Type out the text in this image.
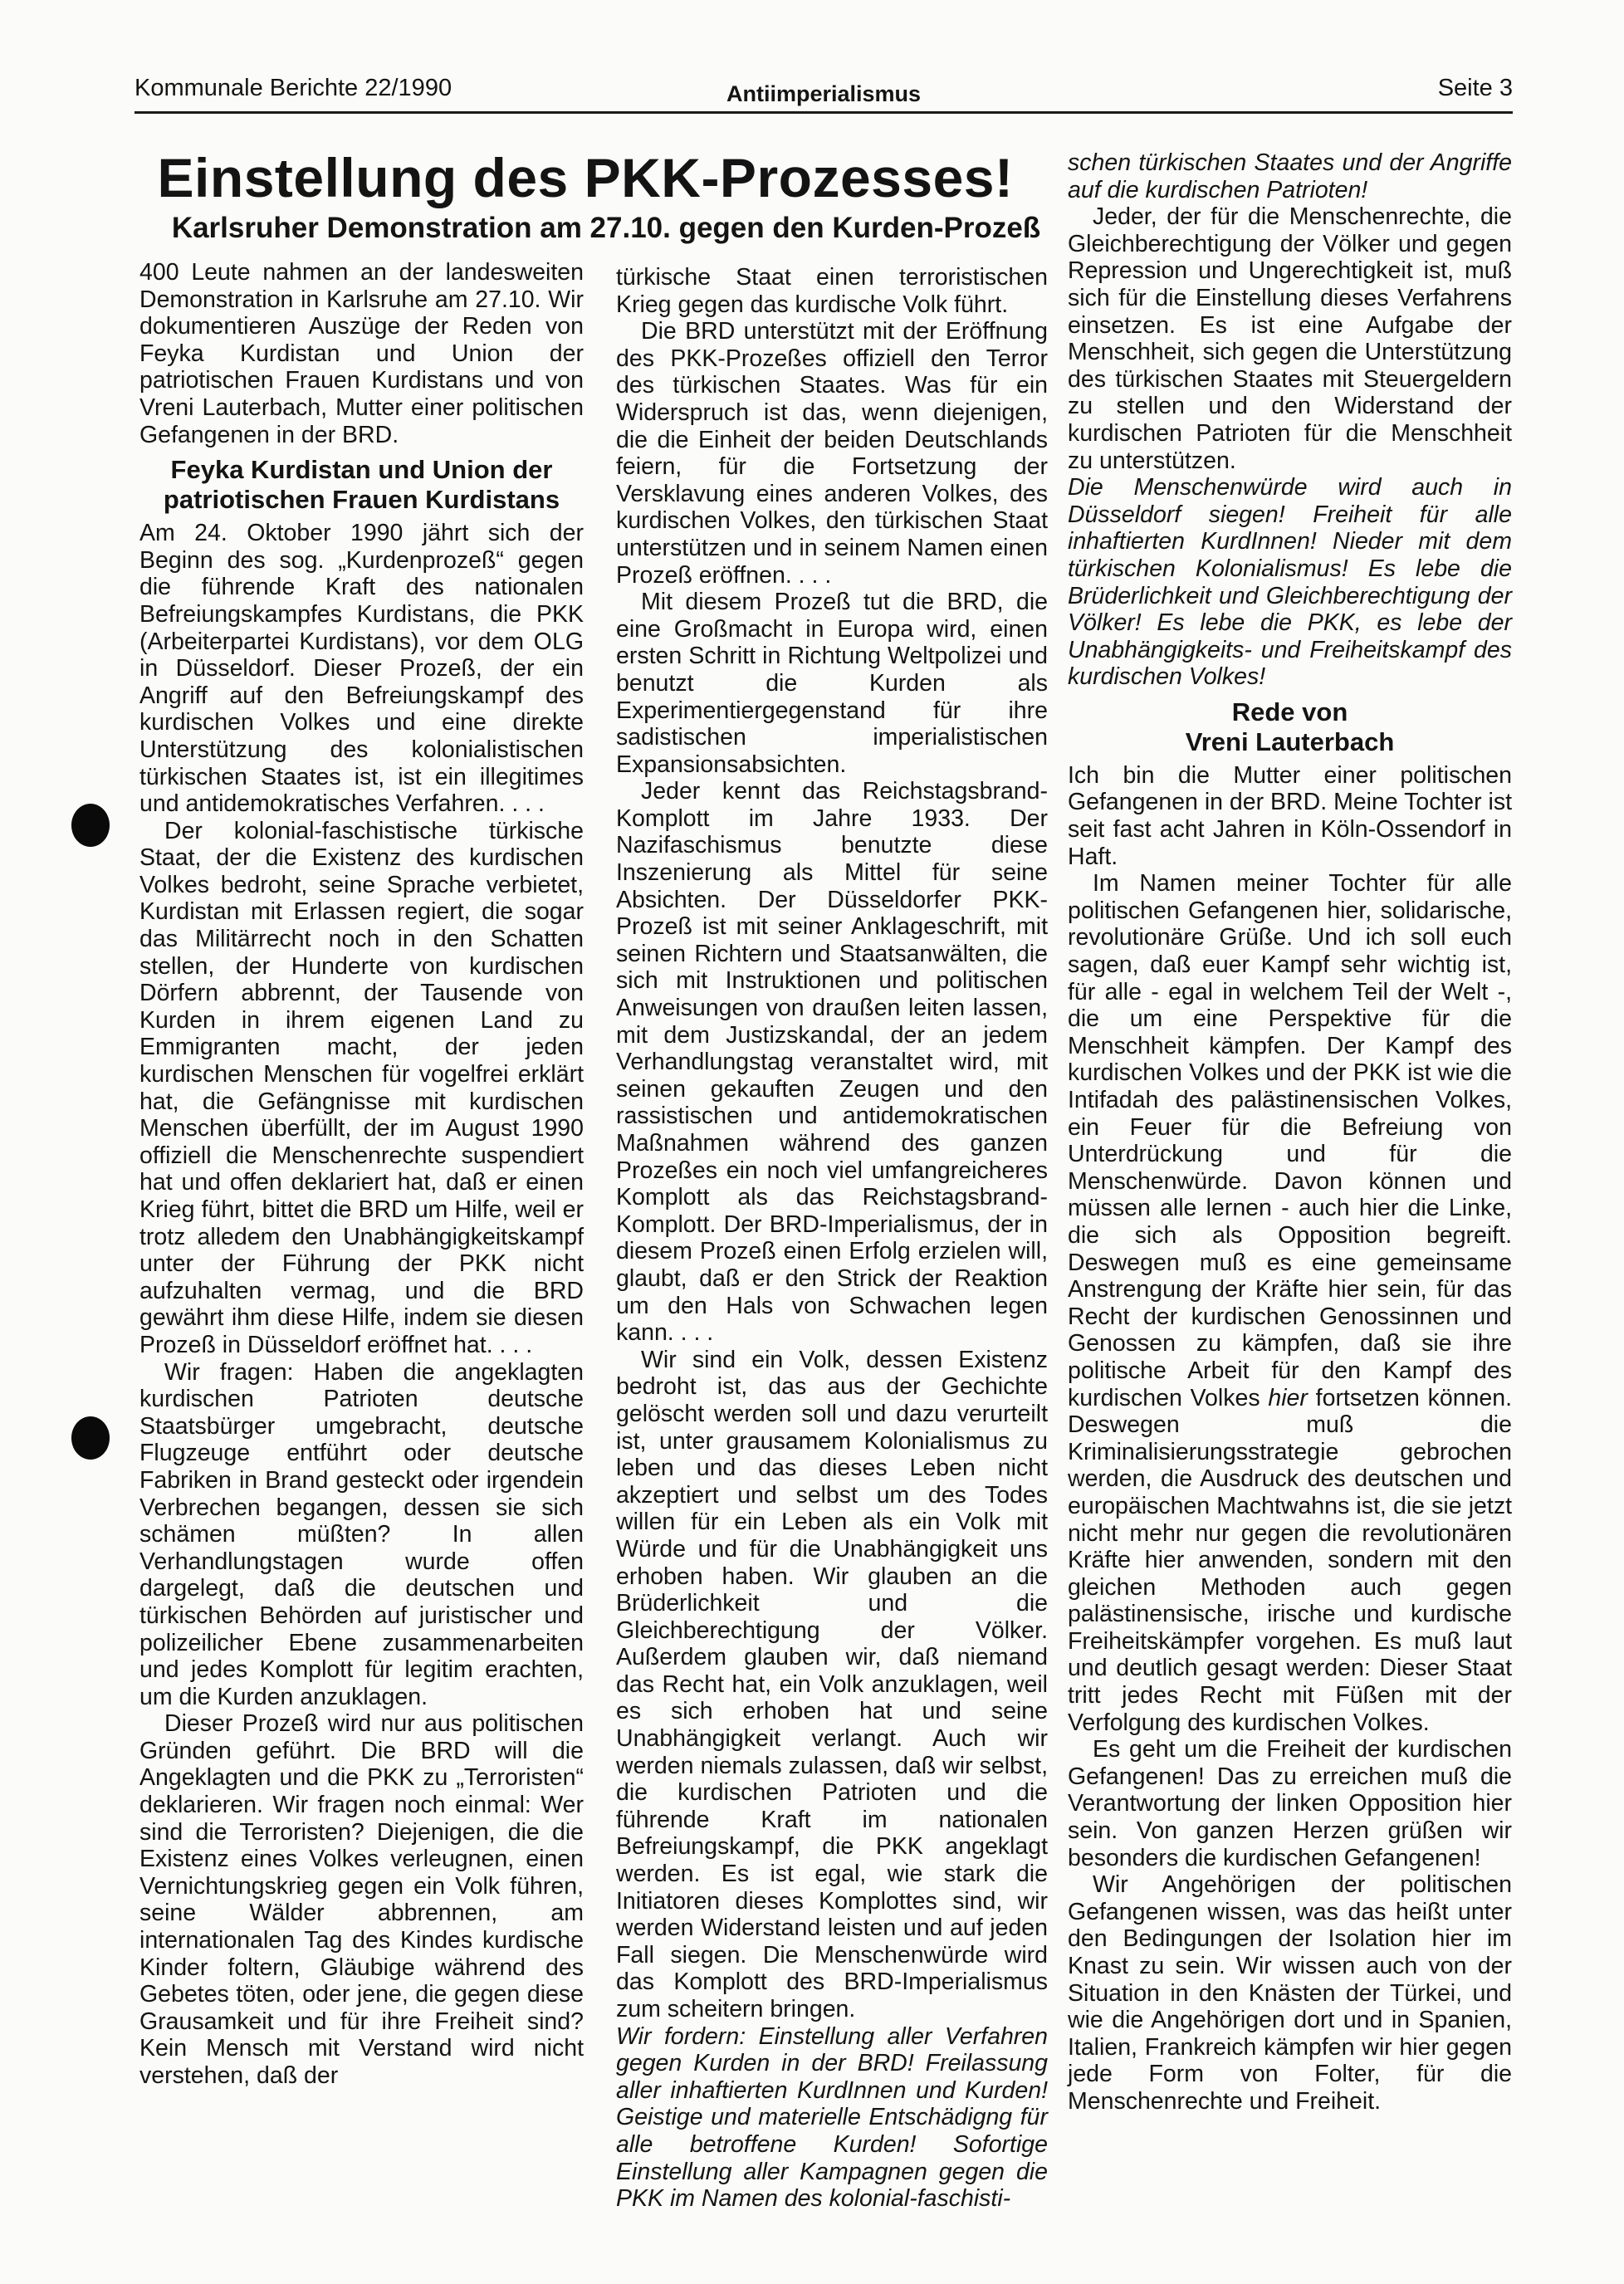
Kommunale Berichte 22/1990	Antiimperialismus	Seite 3
Einstellung des PKK-Prozesses!
Karlsruher Demonstration am 27.10. gegen den Kurden-Prozeß

400 Leute nahmen an der landesweiten Demonstration in Karlsruhe am 27.10. Wir dokumentieren Auszüge der Reden von Feyka Kurdistan und Union der patriotischen Frauen Kurdistans und von Vreni Lauterbach, Mutter einer politischen Gefangenen in der BRD.

Feyka Kurdistan und Union der patriotischen Frauen Kurdistans

Am 24. Oktober 1990 jährt sich der Beginn des sog. „Kurdenprozeß“ gegen die führende Kraft des nationalen Befreiungskampfes Kurdistans, die PKK (Arbeiterpartei Kurdistans), vor dem OLG in Düsseldorf. Dieser Prozeß, der ein Angriff auf den Befreiungskampf des kurdischen Volkes und eine direkte Unterstützung des kolonialistischen türkischen Staates ist, ist ein illegitimes und antidemokratisches Verfahren. . . .

Der kolonial-faschistische türkische Staat, der die Existenz des kurdischen Volkes bedroht, seine Sprache verbietet, Kurdistan mit Erlassen regiert, die sogar das Militärrecht noch in den Schatten stellen, der Hunderte von kurdischen Dörfern abbrennt, der Tausende von Kurden in ihrem eigenen Land zu Emmigranten macht, der jeden kurdischen Menschen für vogelfrei erklärt hat, die Gefängnisse mit kurdischen Menschen überfüllt, der im August 1990 offiziell die Menschenrechte suspendiert hat und offen deklariert hat, daß er einen Krieg führt, bittet die BRD um Hilfe, weil er trotz alledem den Unabhängigkeitskampf unter der Führung der PKK nicht aufzuhalten vermag, und die BRD gewährt ihm diese Hilfe, indem sie diesen Prozeß in Düsseldorf eröffnet hat. . . .

Wir fragen: Haben die angeklagten kurdischen Patrioten deutsche Staatsbürger umgebracht, deutsche Flugzeuge entführt oder deutsche Fabriken in Brand gesteckt oder irgendein Verbrechen begangen, dessen sie sich schämen müßten? In allen Verhandlungstagen wurde offen dargelegt, daß die deutschen und türkischen Behörden auf juristischer und polizeilicher Ebene zusammenarbeiten und jedes Komplott für legitim erachten, um die Kurden anzuklagen.

Dieser Prozeß wird nur aus politischen Gründen geführt. Die BRD will die Angeklagten und die PKK zu „Terroristen“ deklarieren. Wir fragen noch einmal: Wer sind die Terroristen? Diejenigen, die die Existenz eines Volkes verleugnen, einen Vernichtungskrieg gegen ein Volk führen, seine Wälder abbrennen, am internationalen Tag des Kindes kurdische Kinder foltern, Gläubige während des Gebetes töten, oder jene, die gegen diese Grausamkeit und für ihre Freiheit sind? Kein Mensch mit Verstand wird nicht verstehen, daß der

türkische Staat einen terroristischen Krieg gegen das kurdische Volk führt.

Die BRD unterstützt mit der Eröffnung des PKK-Prozeßes offiziell den Terror des türkischen Staates. Was für ein Widerspruch ist das, wenn diejenigen, die die Einheit der beiden Deutschlands feiern, für die Fortsetzung der Versklavung eines anderen Volkes, des kurdischen Volkes, den türkischen Staat unterstützen und in seinem Namen einen Prozeß eröffnen. . . .

Mit diesem Prozeß tut die BRD, die eine Großmacht in Europa wird, einen ersten Schritt in Richtung Weltpolizei und benutzt die Kurden als Experimentiergegenstand für ihre sadistischen imperialistischen Expansionsabsichten.

Jeder kennt das Reichstagsbrand-Komplott im Jahre 1933. Der Nazifaschismus benutzte diese Inszenierung als Mittel für seine Absichten. Der Düsseldorfer PKK-Prozeß ist mit seiner Anklageschrift, mit seinen Richtern und Staatsanwälten, die sich mit Instruktionen und politischen Anweisungen von draußen leiten lassen, mit dem Justizskandal, der an jedem Verhandlungstag veranstaltet wird, mit seinen gekauften Zeugen und den rassistischen und antidemokratischen Maßnahmen während des ganzen Prozeßes ein noch viel umfangreicheres Komplott als das Reichstagsbrand-Komplott. Der BRD-Imperialismus, der in diesem Prozeß einen Erfolg erzielen will, glaubt, daß er den Strick der Reaktion um den Hals von Schwachen legen kann. . . .

Wir sind ein Volk, dessen Existenz bedroht ist, das aus der Gechichte gelöscht werden soll und dazu verurteilt ist, unter grausamem Kolonialismus zu leben und das dieses Leben nicht akzeptiert und selbst um des Todes willen für ein Leben als ein Volk mit Würde und für die Unabhängigkeit uns erhoben haben. Wir glauben an die Brüderlichkeit und die Gleichberechtigung der Völker. Außerdem glauben wir, daß niemand das Recht hat, ein Volk anzuklagen, weil es sich erhoben hat und seine Unabhängigkeit verlangt. Auch wir werden niemals zulassen, daß wir selbst, die kurdischen Patrioten und die führende Kraft im nationalen Befreiungskampf, die PKK angeklagt werden. Es ist egal, wie stark die Initiatoren dieses Komplottes sind, wir werden Widerstand leisten und auf jeden Fall siegen. Die Menschenwürde wird das Komplott des BRD-Imperialismus zum scheitern bringen.

Wir fordern: Einstellung aller Verfahren gegen Kurden in der BRD! Freilassung aller inhaftierten KurdInnen und Kurden! Geistige und materielle Entschädigng für alle betroffene Kurden! Sofortige Einstellung aller Kampagnen gegen die PKK im Namen des kolonial-faschisti-

schen türkischen Staates und der Angriffe auf die kurdischen Patrioten!

Jeder, der für die Menschenrechte, die Gleichberechtigung der Völker und gegen Repression und Ungerechtigkeit ist, muß sich für die Einstellung dieses Verfahrens einsetzen. Es ist eine Aufgabe der Menschheit, sich gegen die Unterstützung des türkischen Staates mit Steuergeldern zu stellen und den Widerstand der kurdischen Patrioten für die Menschheit zu unterstützen.

Die Menschenwürde wird auch in Düsseldorf siegen! Freiheit für alle inhaftierten KurdInnen! Nieder mit dem türkischen Kolonialismus! Es lebe die Brüderlichkeit und Gleichberechtigung der Völker! Es lebe die PKK, es lebe der Unabhängigkeits- und Freiheitskampf des kurdischen Volkes!

Rede von
Vreni Lauterbach

Ich bin die Mutter einer politischen Gefangenen in der BRD. Meine Tochter ist seit fast acht Jahren in Köln-Ossendorf in Haft.

Im Namen meiner Tochter für alle politischen Gefangenen hier, solidarische, revolutionäre Grüße. Und ich soll euch sagen, daß euer Kampf sehr wichtig ist, für alle - egal in welchem Teil der Welt -, die um eine Perspektive für die Menschheit kämpfen. Der Kampf des kurdischen Volkes und der PKK ist wie die Intifadah des palästinensischen Volkes, ein Feuer für die Befreiung von Unterdrückung und für die Menschenwürde. Davon können und müssen alle lernen - auch hier die Linke, die sich als Opposition begreift. Deswegen muß es eine gemeinsame Anstrengung der Kräfte hier sein, für das Recht der kurdischen Genossinnen und Genossen zu kämpfen, daß sie ihre politische Arbeit für den Kampf des kurdischen Volkes hier fortsetzen können. Deswegen muß die Kriminalisierungsstrategie gebrochen werden, die Ausdruck des deutschen und europäischen Machtwahns ist, die sie jetzt nicht mehr nur gegen die revolutionären Kräfte hier anwenden, sondern mit den gleichen Methoden auch gegen palästinensische, irische und kurdische Freiheitskämpfer vorgehen. Es muß laut und deutlich gesagt werden: Dieser Staat tritt jedes Recht mit Füßen mit der Verfolgung des kurdischen Volkes.

Es geht um die Freiheit der kurdischen Gefangenen! Das zu erreichen muß die Verantwortung der linken Opposition hier sein. Von ganzen Herzen grüßen wir besonders die kurdischen Gefangenen!

Wir Angehörigen der politischen Gefangenen wissen, was das heißt unter den Bedingungen der Isolation hier im Knast zu sein. Wir wissen auch von der Situation in den Knästen der Türkei, und wie die Angehörigen dort und in Spanien, Italien, Frankreich kämpfen wir hier gegen jede Form von Folter, für die Menschenrechte und Freiheit.
